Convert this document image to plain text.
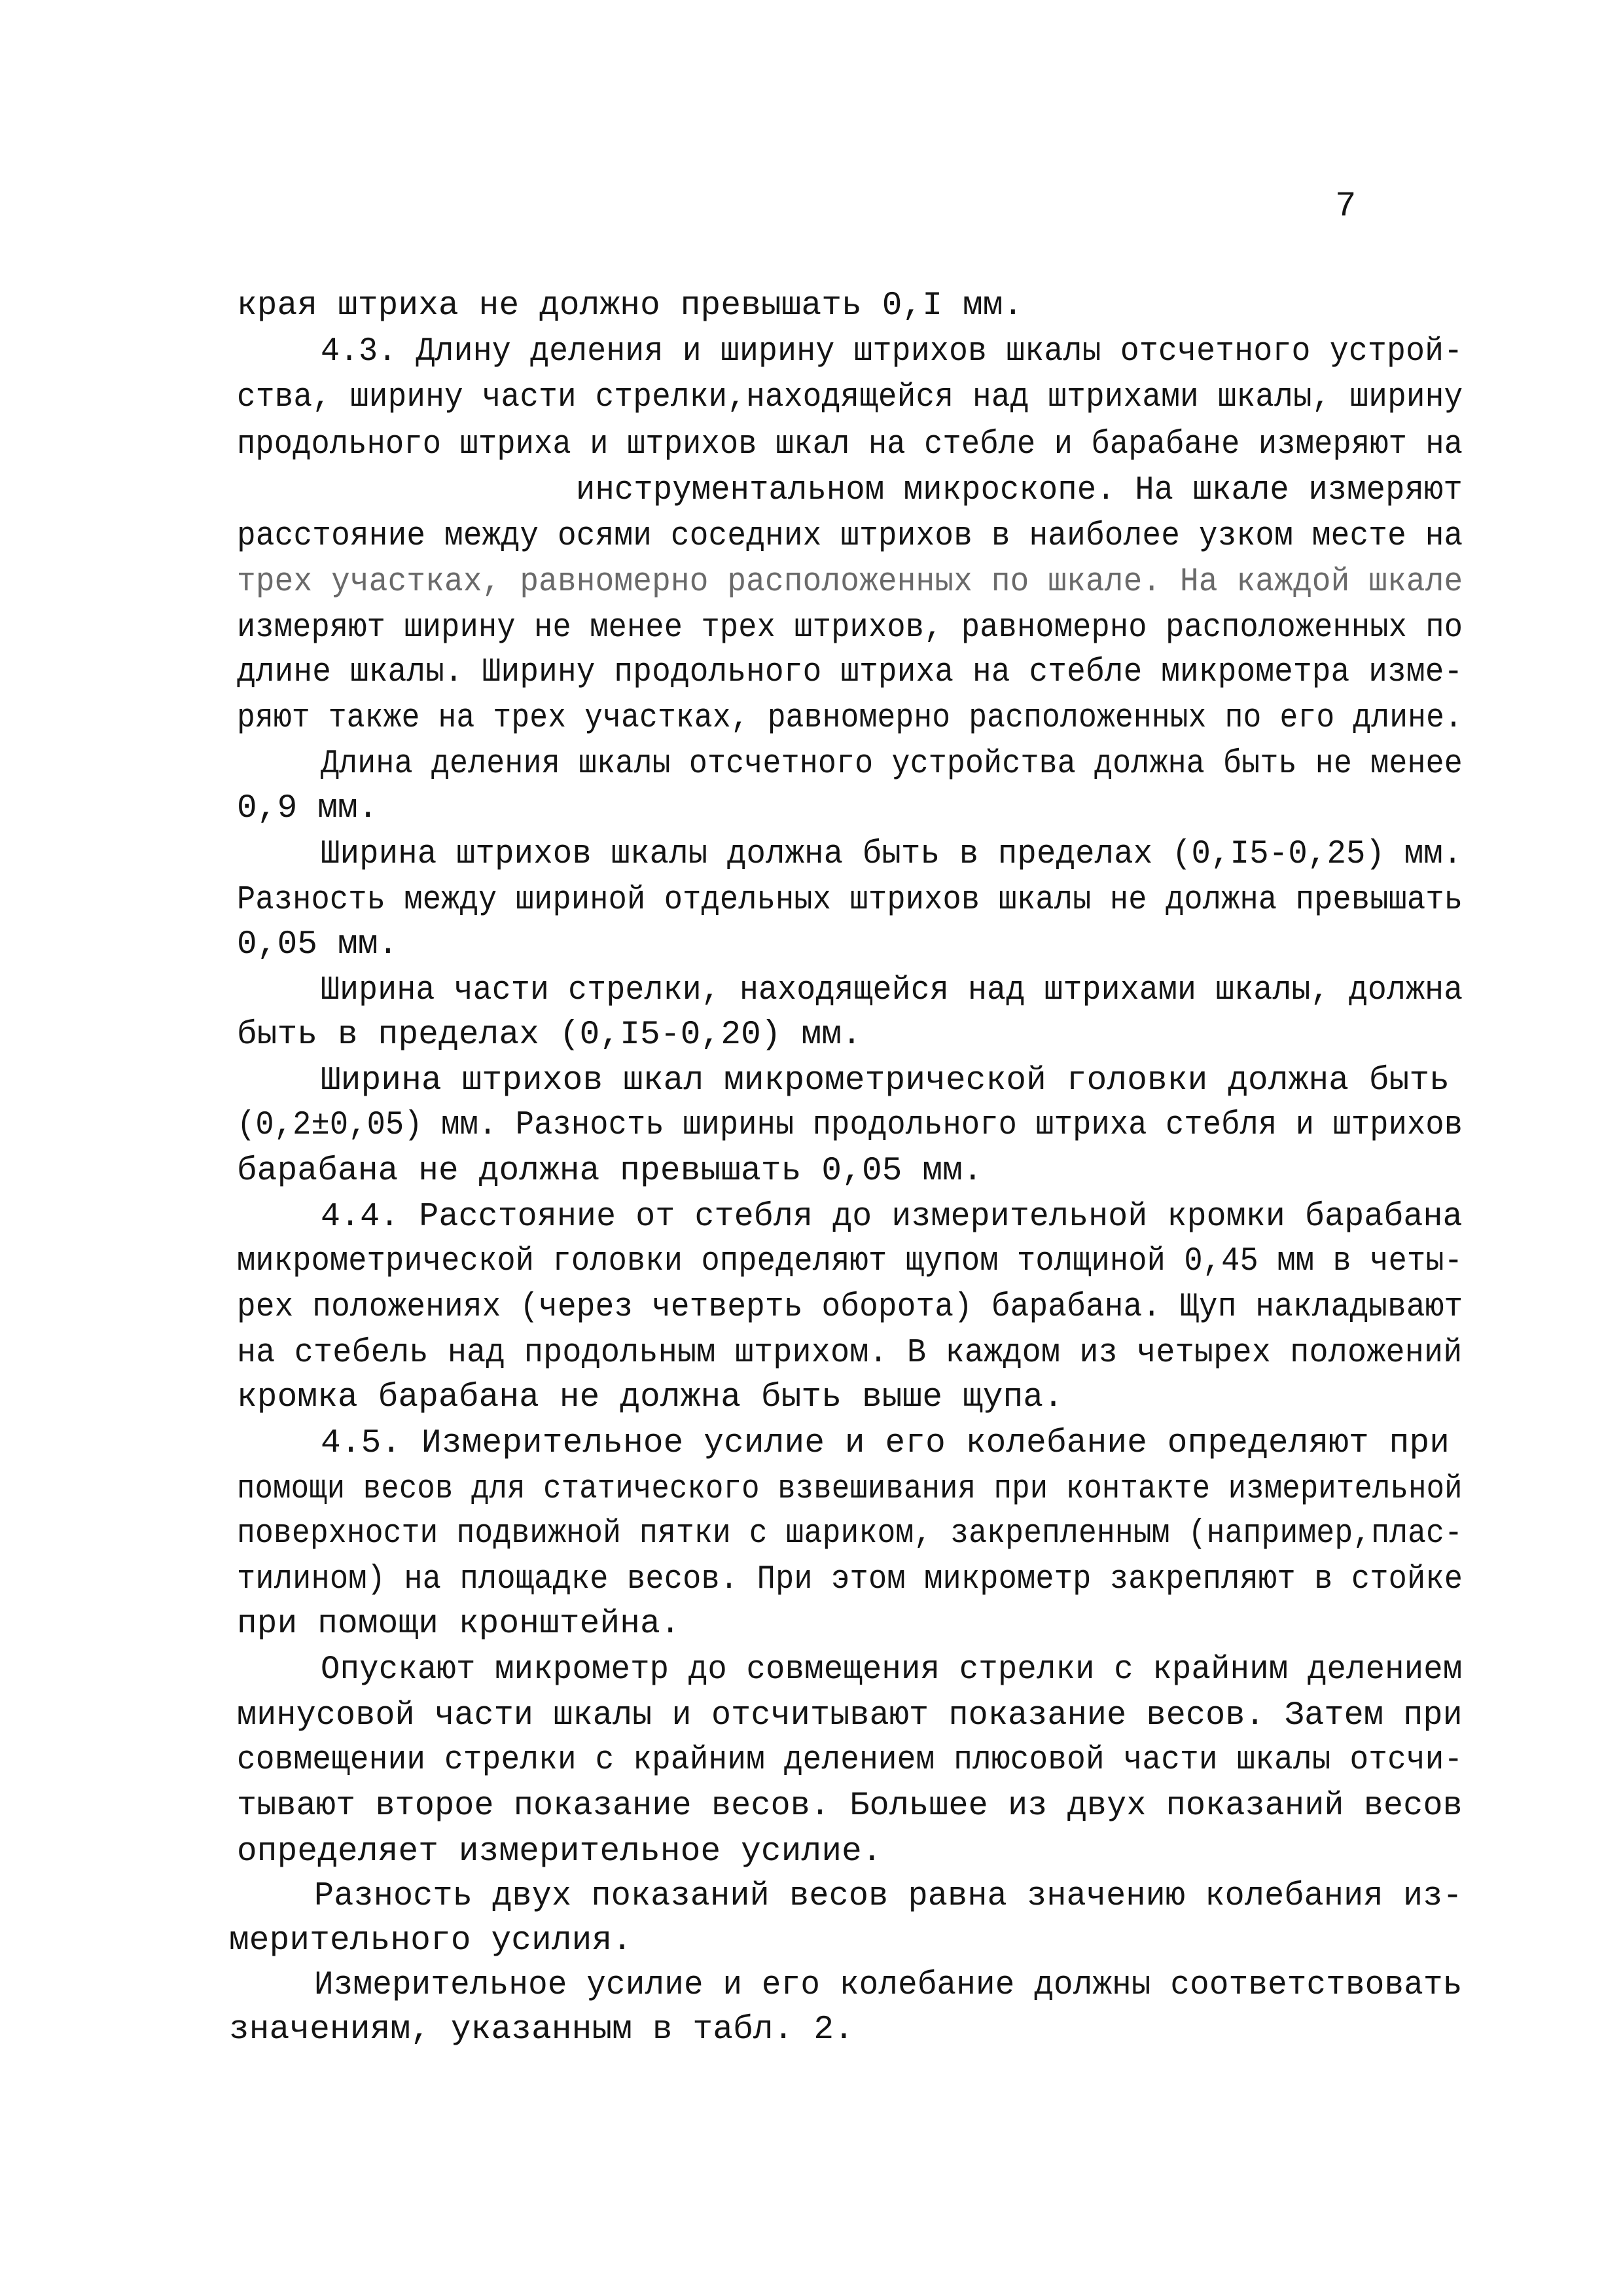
7
края штриха не должно превышать 0,I мм.
4.3. Длину деления и ширину штрихов шкалы отсчетного устрой-
ства, ширину части стрелки,находящейся над штрихами шкалы, ширину
продольного штриха и штрихов шкал на стебле и барабане измеряют на
инструментальном микроскопе. На шкале измеряют
расстояние между осями соседних штрихов в наиболее узком месте на
трех участках, равномерно расположенных по шкале. На каждой шкале
измеряют ширину не менее трех штрихов, равномерно расположенных по
длине шкалы. Ширину продольного штриха на стебле микрометра изме-
ряют также на трех участках, равномерно расположенных по его длине.
Длина деления шкалы отсчетного устройства должна быть не менее
0,9 мм.
Ширина штрихов шкалы должна быть в пределах (0,I5-0,25) мм.
Разность между шириной отдельных штрихов шкалы не должна превышать
0,05 мм.
Ширина части стрелки, находящейся над штрихами шкалы, должна
быть в пределах (0,I5-0,20) мм.
Ширина штрихов шкал микрометрической головки должна быть
(0,2±0,05) мм. Разность ширины продольного штриха стебля и штрихов
барабана не должна превышать 0,05 мм.
4.4. Расстояние от стебля до измерительной кромки барабана
микрометрической головки определяют щупом толщиной 0,45 мм в четы-
рех положениях (через четверть оборота) барабана. Щуп накладывают
на стебель над продольным штрихом. В каждом из четырех положений
кромка барабана не должна быть выше щупа.
4.5. Измерительное усилие и его колебание определяют при
помощи весов для статического взвешивания при контакте измерительной
поверхности подвижной пятки с шариком, закрепленным (например,плас-
тилином) на площадке весов. При этом микрометр закрепляют в стойке
при помощи кронштейна.
Опускают микрометр до совмещения стрелки с крайним делением
минусовой части шкалы и отсчитывают показание весов. Затем при
совмещении стрелки с крайним делением плюсовой части шкалы отсчи-
тывают второе показание весов. Большее из двух показаний весов
определяет измерительное усилие.
Разность двух показаний весов равна значению колебания из-
мерительного усилия.
Измерительное усилие и его колебание должны соответствовать
значениям, указанным в табл. 2.
